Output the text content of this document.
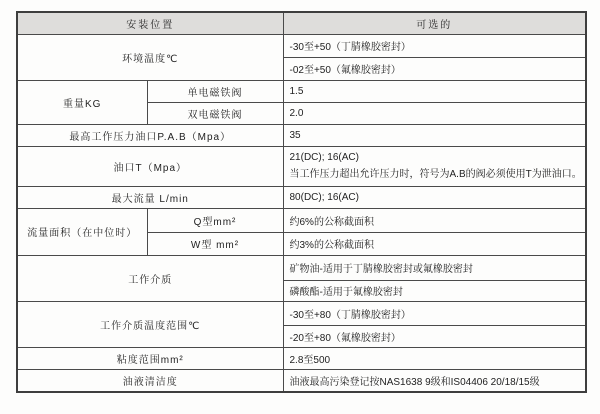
安装位置		可选的
环境温度℃		-30至+50（丁腈橡胶密封）
		-02至+50（氟橡胶密封）
重量KG	单电磁铁阀	1.5
	双电磁铁阀	2.0
最高工作压力油口P.A.B（Mpa）		35
油口T（Mpa）		21(DC); 16(AC)
当工作压力超出允许压力时，符号为A.B的阀必须使用T为泄油口。

最大流量 L/min		80(DC); 16(AC)
流量面积（在中位时）	Q型mm²	约6%的公称截面积
	W型 mm²	约3%的公称截面积
工作介质		矿物油-适用于丁腈橡胶密封或氟橡胶密封
		磷酸酯-适用于氟橡胶密封
工作介质温度范围℃		-30至+80（丁腈橡胶密封）
		-20至+80（氟橡胶密封）
粘度范围mm²		2.8至500
油液清洁度		油液最高污染登记按NAS1638 9级和IS04406 20/18/15级
